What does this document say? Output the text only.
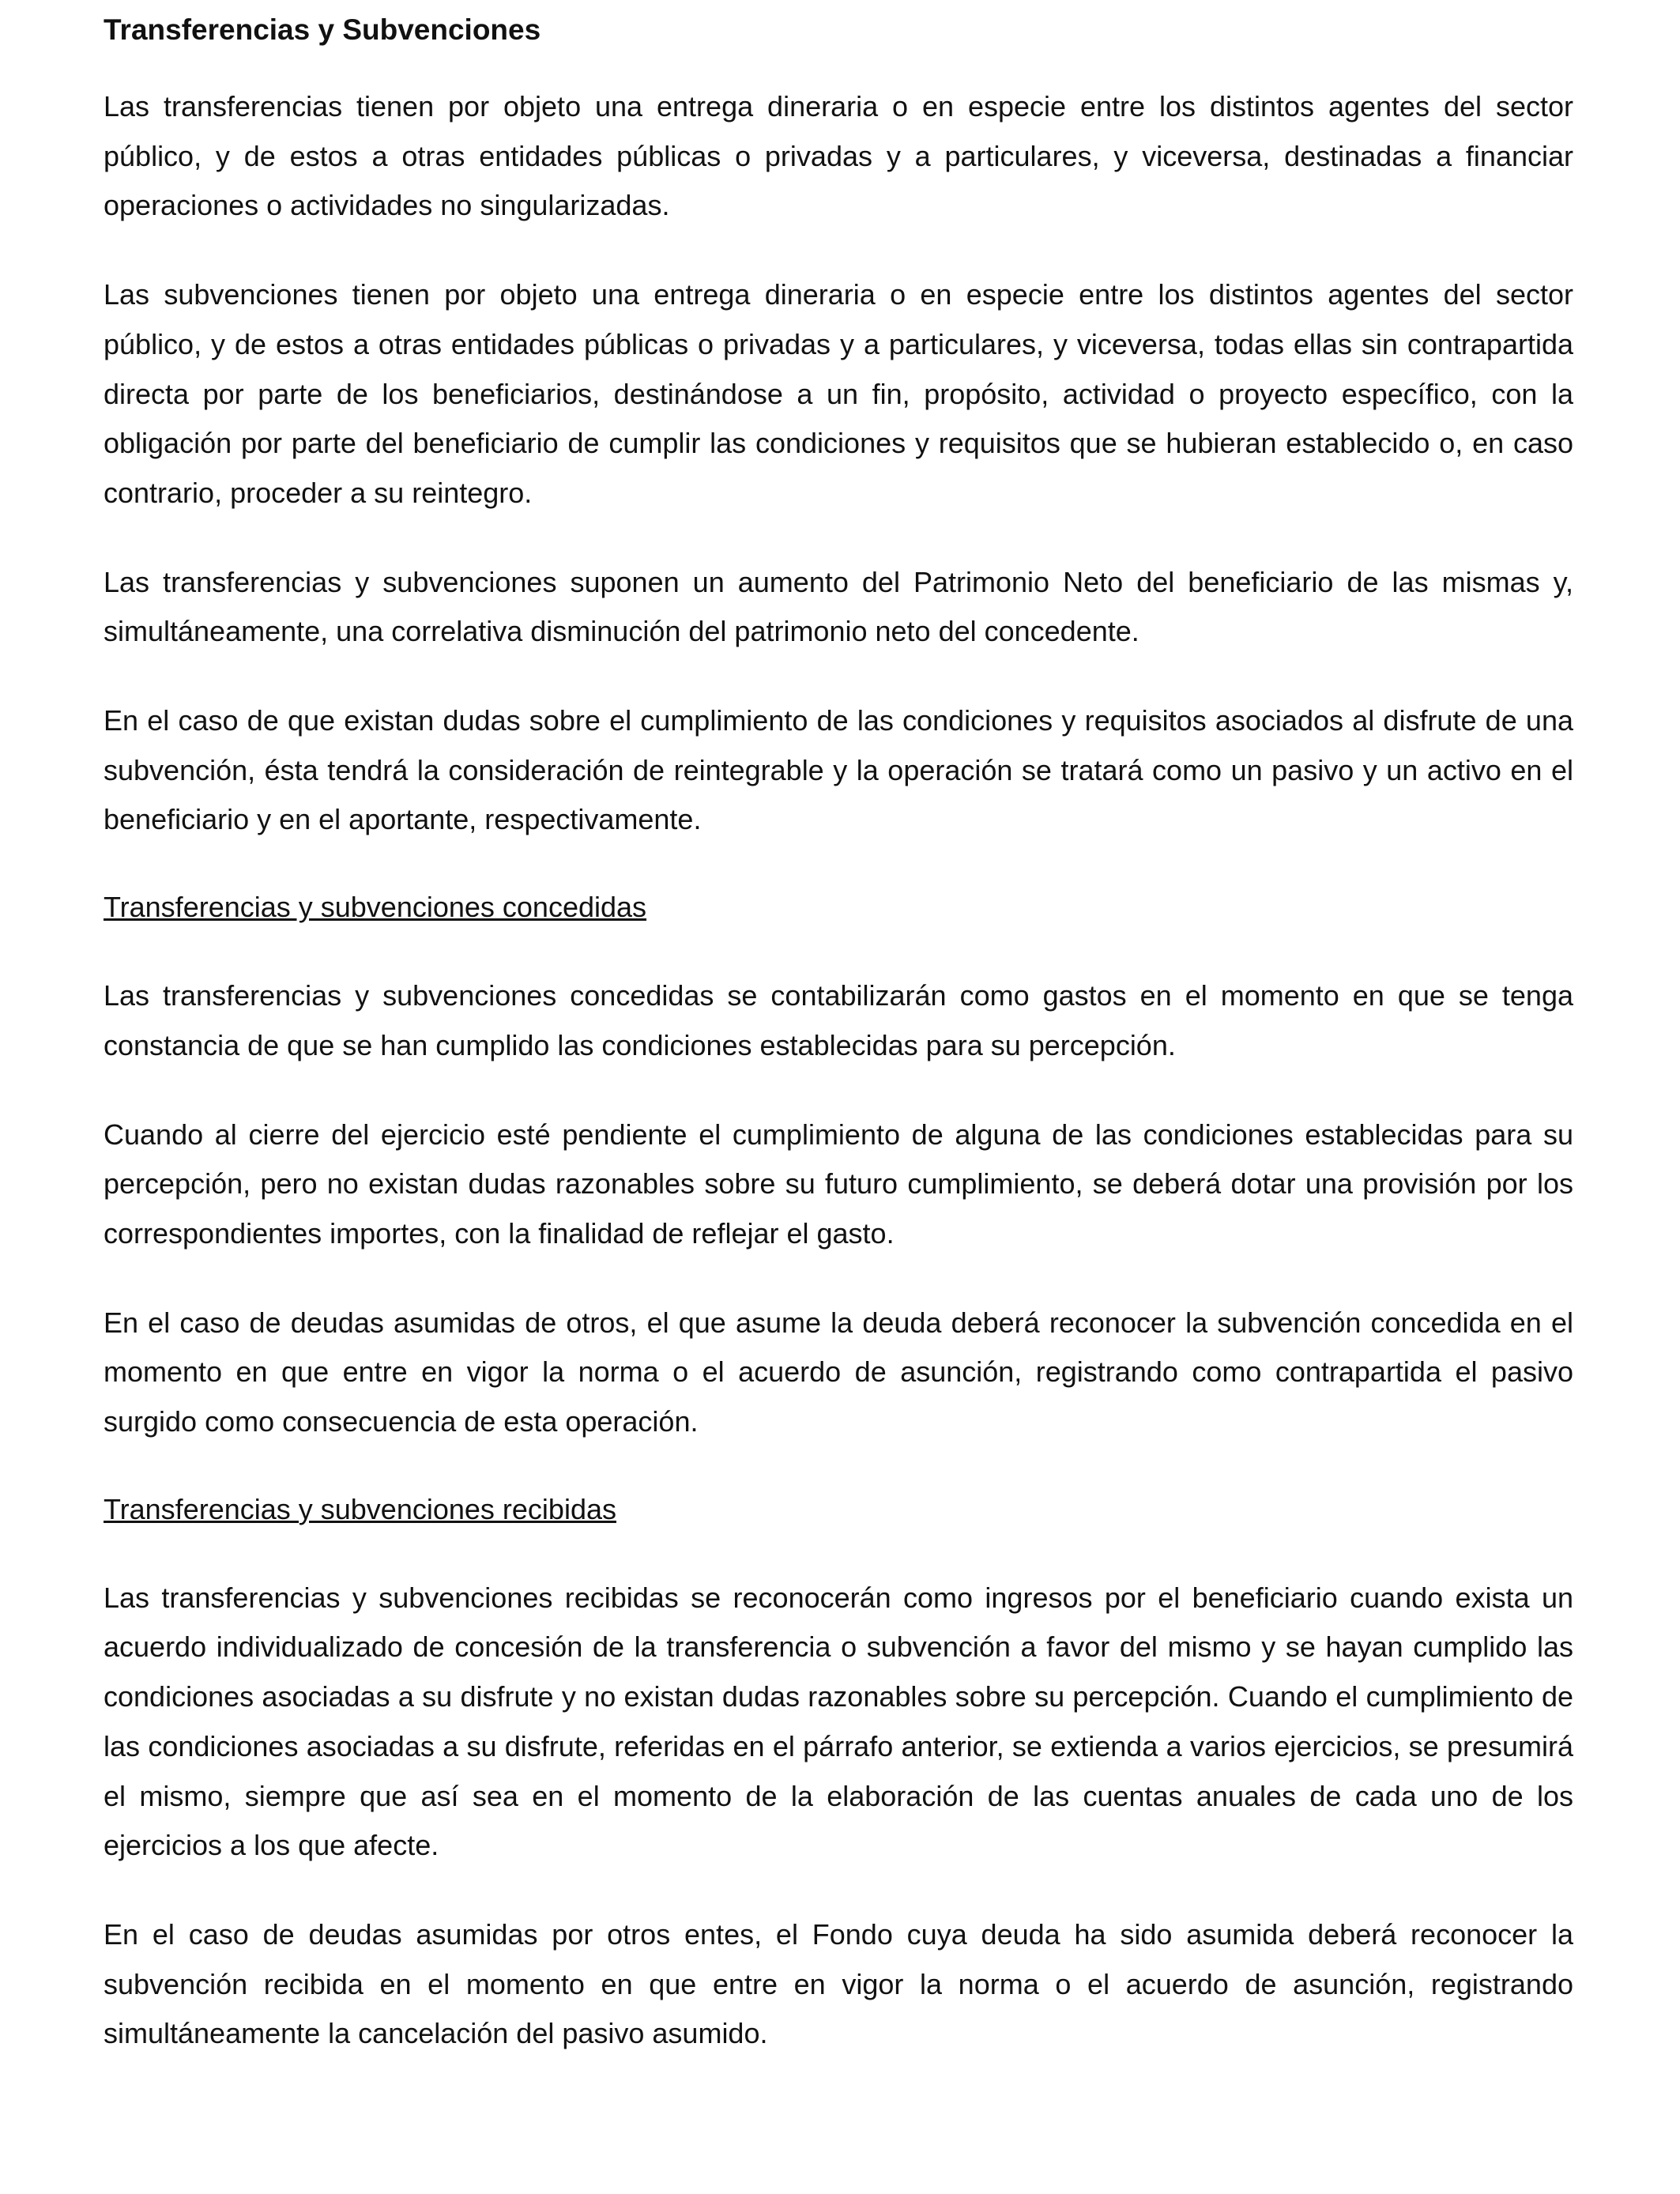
Transferencias y Subvenciones

Las transferencias tienen por objeto una entrega dineraria o en especie entre los distintos agentes del sector público, y de estos a otras entidades públicas o privadas y a particulares, y viceversa, destinadas a financiar operaciones o actividades no singularizadas.

Las subvenciones tienen por objeto una entrega dineraria o en especie entre los distintos agentes del sector público, y de estos a otras entidades públicas o privadas y a particulares, y viceversa, todas ellas sin contrapartida directa por parte de los beneficiarios, destinándose a un fin, propósito, actividad o proyecto específico, con la obligación por parte del beneficiario de cumplir las condiciones y requisitos que se hubieran establecido o, en caso contrario, proceder a su reintegro.

Las transferencias y subvenciones suponen un aumento del Patrimonio Neto del beneficiario de las mismas y, simultáneamente, una correlativa disminución del patrimonio neto del concedente.

En el caso de que existan dudas sobre el cumplimiento de las condiciones y requisitos asociados al disfrute de una subvención, ésta tendrá la consideración de reintegrable y la operación se tratará como un pasivo y un activo en el beneficiario y en el aportante, respectivamente.

Transferencias y subvenciones concedidas

Las transferencias y subvenciones concedidas se contabilizarán como gastos en el momento en que se tenga constancia de que se han cumplido las condiciones establecidas para su percepción.

Cuando al cierre del ejercicio esté pendiente el cumplimiento de alguna de las condiciones establecidas para su percepción, pero no existan dudas razonables sobre su futuro cumplimiento, se deberá dotar una provisión por los correspondientes importes, con la finalidad de reflejar el gasto.

En el caso de deudas asumidas de otros, el que asume la deuda deberá reconocer la subvención concedida en el momento en que entre en vigor la norma o el acuerdo de asunción, registrando como contrapartida el pasivo surgido como consecuencia de esta operación.

Transferencias y subvenciones recibidas

Las transferencias y subvenciones recibidas se reconocerán como ingresos por el beneficiario cuando exista un acuerdo individualizado de concesión de la transferencia o subvención a favor del mismo y se hayan cumplido las condiciones asociadas a su disfrute y no existan dudas razonables sobre su percepción. Cuando el cumplimiento de las condiciones asociadas a su disfrute, referidas en el párrafo anterior, se extienda a varios ejercicios, se presumirá el mismo, siempre que así sea en el momento de la elaboración de las cuentas anuales de cada uno de los ejercicios a los que afecte.

En el caso de deudas asumidas por otros entes, el Fondo cuya deuda ha sido asumida deberá reconocer la subvención recibida en el momento en que entre en vigor la norma o el acuerdo de asunción, registrando simultáneamente la cancelación del pasivo asumido.
